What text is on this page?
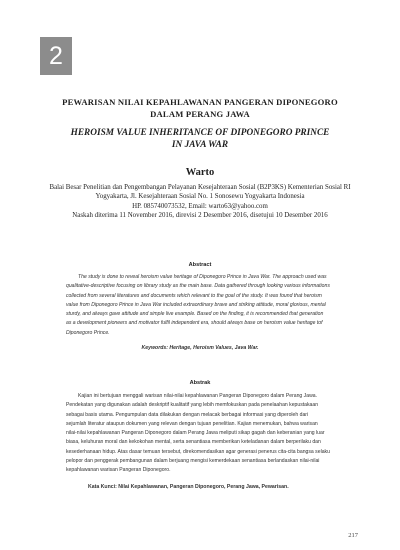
2
PEWARISAN NILAI KEPAHLAWANAN PANGERAN DIPONEGORO
DALAM PERANG JAWA
HEROISM VALUE INHERITANCE OF DIPONEGORO PRINCE
IN JAVA WAR
Warto
Balai Besar Penelitian dan Pengembangan Pelayanan Kesejahteraan Sosial (B2P3KS) Kementerian Sosial RI
Yogyakarta, Jl. Kesejahteraan Sosial No. 1 Sonosewu Yogyakarta Indonesia
HP. 085740073532, Email: warto63@yahoo.com
Naskah diterima 11 November 2016, direvisi 2 Desember 2016, disetujui 10 Desember 2016
Abstract
The study is done to reveal heroism value heritage of Diponegoro Prince in Java War. The approach used was
qualitative-descriptive focusing on library study as the main base. Data gathered through looking various informations
collected from several literatures and documents which relevant to the goal of the study. It was found that heroism
value from Diponegoro Prince in Java War included extraordinary brave and striking attitude, moral glorious, mental
sturdy, and always gave attitude and simple live example. Based on the finding, it is recommended that generation
as a development pioneers and motivator fulfil independent era, should always base on heroism value heritage tof
Diponegoro Prince.
Keywords: Heritage, Heroism Values, Java War.
Abstrak
Kajian ini bertujuan menggali warisan nilai-nilai kepahlawanan Pangeran Diponegoro dalam Perang Jawa.
Pendekatan yang digunakan adalah deskriptif kualitatif yang lebih memfokuskan pada penelaahan kepustakaan
sebagai basis utama. Pengumpulan data dilakukan dengan melacak berbagai informasi yang diperoleh dari
sejumlah literatur ataupun dokumen yang relevan dengan tujuan penelitian. Kajian menemukan, bahwa warisan
nilai-nilai kepahlawanan Pangeran Diponegoro dalam Perang Jawa meliputi sikap gagah dan keberanian yang luar
biasa, keluhuran moral dan kekokohan mental, serta senantiasa memberikan keteladanan dalam berperilaku dan
kesederhanaan hidup. Atas dasar temuan tersebut, direkomendasikan agar generasi penerus cita-cita bangsa selaku
pelopor dan penggerak pembangunan dalam berjuang mengisi kemerdekaan senantiasa berlandaskan nilai-nilai
kepahlawanan warisan Pangeran Diponegoro.
Kata Kunci: Nilai Kepahlawanan, Pangeran Diponegoro, Perang Jawa, Pewarisan.
217
